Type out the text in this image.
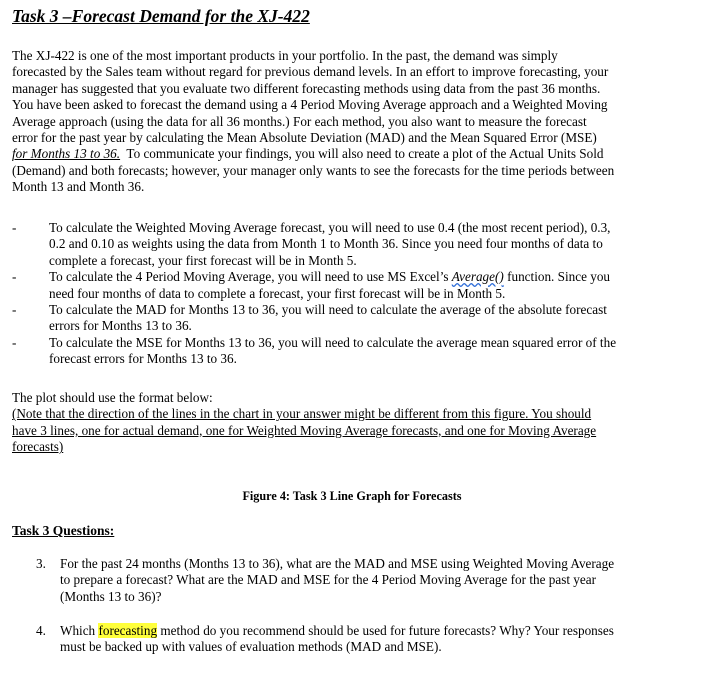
Task 3 –Forecast Demand for the XJ-422
The XJ-422 is one of the most important products in your portfolio. In the past, the demand was simply
forecasted by the Sales team without regard for previous demand levels. In an effort to improve forecasting, your
manager has suggested that you evaluate two different forecasting methods using data from the past 36 months.
You have been asked to forecast the demand using a 4 Period Moving Average approach and a Weighted Moving
Average approach (using the data for all 36 months.) For each method, you also want to measure the forecast
error for the past year by calculating the Mean Absolute Deviation (MAD) and the Mean Squared Error (MSE)
for Months 13 to 36.  To communicate your findings, you will also need to create a plot of the Actual Units Sold
(Demand) and both forecasts; however, your manager only wants to see the forecasts for the time periods between
Month 13 and Month 36.
- To calculate the Weighted Moving Average forecast, you will need to use 0.4 (the most recent period), 0.3,
0.2 and 0.10 as weights using the data from Month 1 to Month 36. Since you need four months of data to
complete a forecast, your first forecast will be in Month 5.
- To calculate the 4 Period Moving Average, you will need to use MS Excel’s Average() function. Since you
need four months of data to complete a forecast, your first forecast will be in Month 5.
- To calculate the MAD for Months 13 to 36, you will need to calculate the average of the absolute forecast
errors for Months 13 to 36.
- To calculate the MSE for Months 13 to 36, you will need to calculate the average mean squared error of the
forecast errors for Months 13 to 36.
The plot should use the format below:
(Note that the direction of the lines in the chart in your answer might be different from this figure. You should
have 3 lines, one for actual demand, one for Weighted Moving Average forecasts, and one for Moving Average
forecasts)
Figure 4: Task 3 Line Graph for Forecasts
Task 3 Questions:
3. For the past 24 months (Months 13 to 36), what are the MAD and MSE using Weighted Moving Average
to prepare a forecast? What are the MAD and MSE for the 4 Period Moving Average for the past year
(Months 13 to 36)?
4. Which forecasting method do you recommend should be used for future forecasts? Why? Your responses
must be backed up with values of evaluation methods (MAD and MSE).
